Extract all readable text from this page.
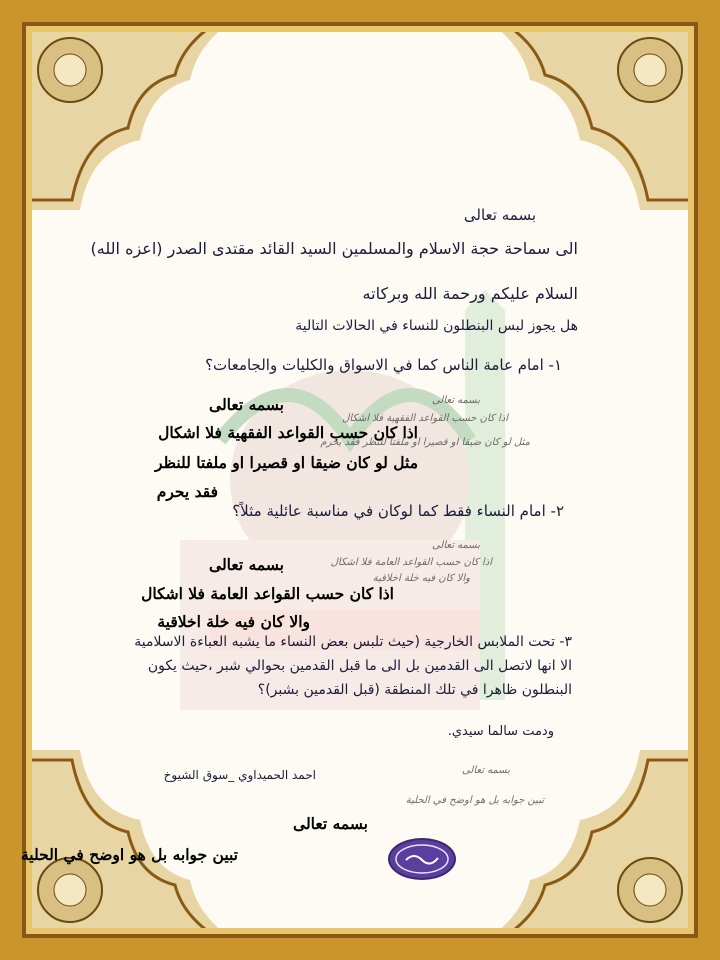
بسمه تعالى
الى سماحة حجة الاسلام والمسلمين السيد القائد مقتدى الصدر (اعزه الله)
السلام عليكم ورحمة الله وبركاته
هل يجوز لبس البنطلون للنساء في الحالات التالية
١- امام عامة الناس كما في الاسواق والكليات والجامعات؟
بسمه تعالى
اذا كان حسب القواعد الفقهية فلا اشكال
مثل لو كان ضيقا او قصيرا او ملفتا للنظر
فقد يحرم
بسمه تعالى
اذا كان حسب القواعد الفقهية فلا اشكال
مثل لو كان ضيقا او قصيرا او ملفتا للنظر فقد يحرم
٢- امام النساء فقط كما لوكان في مناسبة عائلية مثلاً؟
بسمه تعالى
اذا كان حسب القواعد العامة فلا اشكال
والا كان فيه خلة اخلاقية
بسمه تعالى
اذا كان حسب القواعد العامة فلا اشكال
والا كان فيه خلة اخلاقية
٣- تحت الملابس الخارجية (حيث تلبس بعض النساء ما يشبه العباءة الاسلامية
الا انها لاتصل الى القدمين بل الى ما قبل القدمين بحوالي شبر ،حيث يكون
البنطلون ظاهرا في تلك المنطقة (قبل القدمين بشبر)؟
ودمت سالما سيدي.
احمد الحميداوي _سوق الشيوخ	بسمه تعالى
تبين جوابه بل هو اوضح في الحلية
بسمه تعالى
تبين جوابه بل هو اوضح في الحلية
